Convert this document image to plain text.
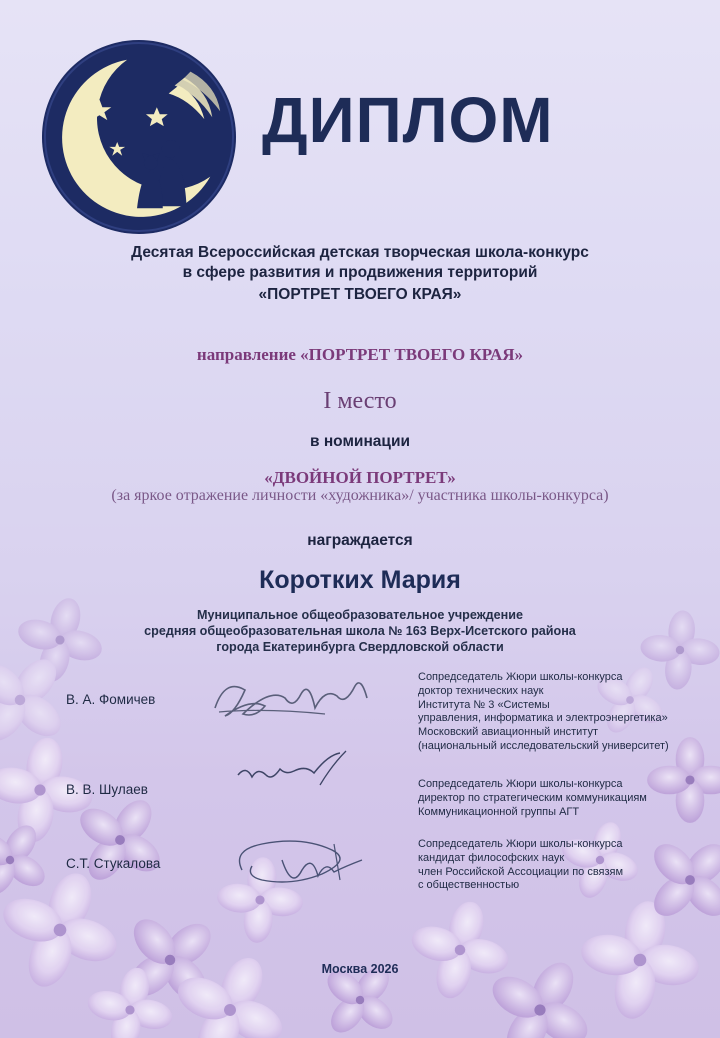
ДИПЛОМ
Десятая Всероссийская детская творческая школа-конкурс
в сфере развития и продвижения территорий
«ПОРТРЕТ ТВОЕГО КРАЯ»
направление «ПОРТРЕТ ТВОЕГО КРАЯ»
I место
в номинации
«ДВОЙНОЙ ПОРТРЕТ»
(за яркое отражение личности «художника»/ участника школы-конкурса)
награждается
Коротких Мария
Муниципальное общеобразовательное учреждение
средняя общеобразовательная школа № 163 Верх-Исетского района
города Екатеринбурга Свердловской области
В. А. Фомичев
Сопредседатель Жюри школы-конкурса
доктор технических наук
Института № 3 «Системы
управления, информатика и электроэнергетика»
Московский авиационный институт
(национальный исследовательский университет)
В. В. Шулаев	Сопредседатель Жюри школы-конкурса
директор по стратегическим коммуникациям
Коммуникационной группы АГТ
С.Т. Стукалова
Сопредседатель Жюри школы-конкурса
кандидат философских наук
член Российской Ассоциации по связям
с общественностью
Москва 2026
